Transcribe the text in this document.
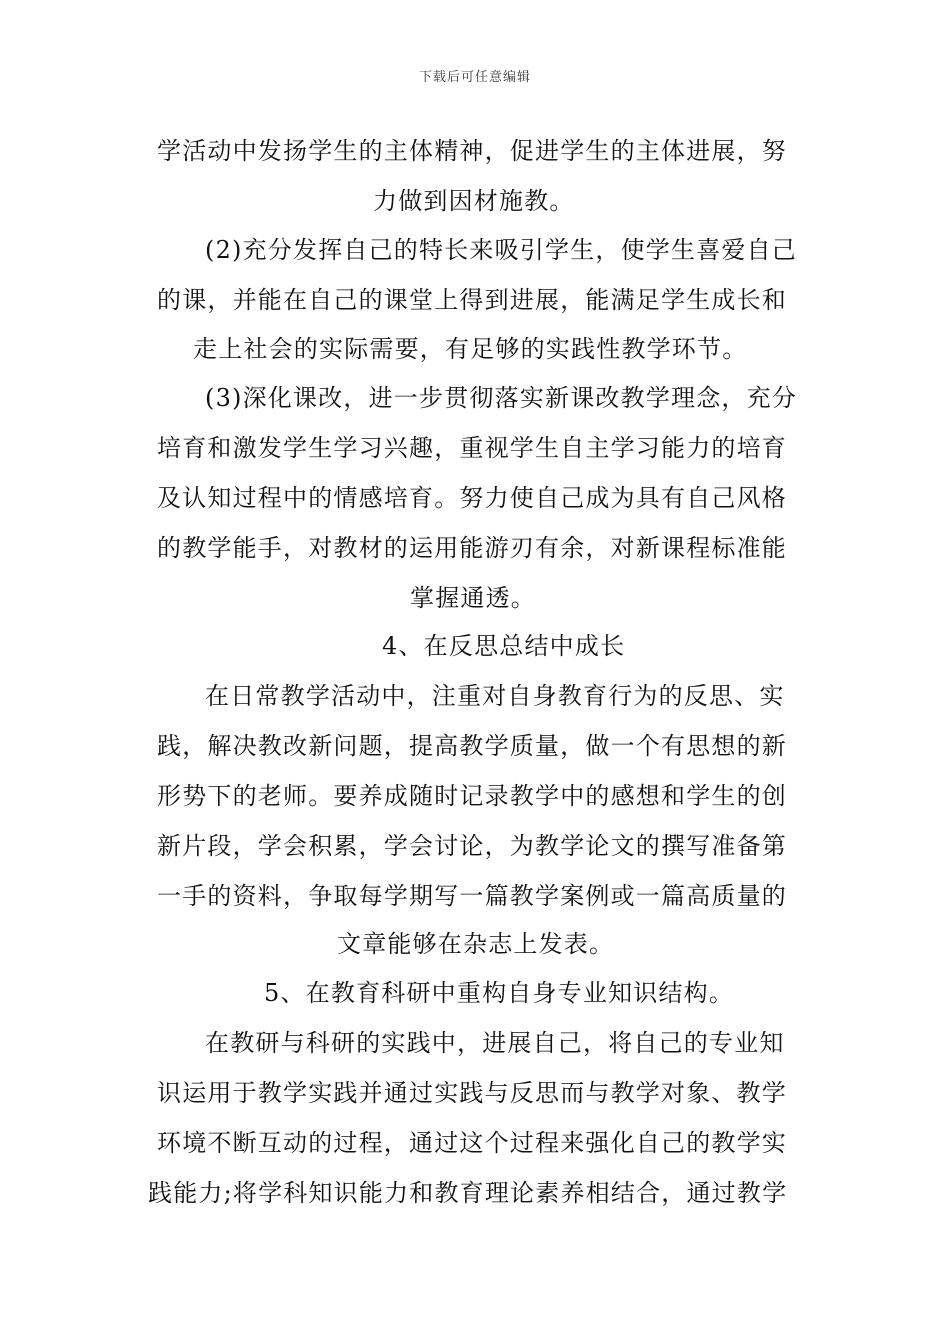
下载后可任意编辑
学活动中发扬学生的主体精神，促进学生的主体进展，努
力做到因材施教。
(2)充分发挥自己的特长来吸引学生，使学生喜爱自己
的课，并能在自己的课堂上得到进展，能满足学生成长和
走上社会的实际需要，有足够的实践性教学环节。
(3)深化课改，进一步贯彻落实新课改教学理念，充分
培育和激发学生学习兴趣，重视学生自主学习能力的培育
及认知过程中的情感培育。努力使自己成为具有自己风格
的教学能手，对教材的运用能游刃有余，对新课程标准能
掌握通透。
4、在反思总结中成长
在日常教学活动中，注重对自身教育行为的反思、实
践，解决教改新问题，提高教学质量，做一个有思想的新
形势下的老师。要养成随时记录教学中的感想和学生的创
新片段，学会积累，学会讨论，为教学论文的撰写准备第
一手的资料，争取每学期写一篇教学案例或一篇高质量的
文章能够在杂志上发表。
5、在教育科研中重构自身专业知识结构。
在教研与科研的实践中，进展自己，将自己的专业知
识运用于教学实践并通过实践与反思而与教学对象、教学
环境不断互动的过程，通过这个过程来强化自己的教学实
践能力;将学科知识能力和教育理论素养相结合，通过教学
